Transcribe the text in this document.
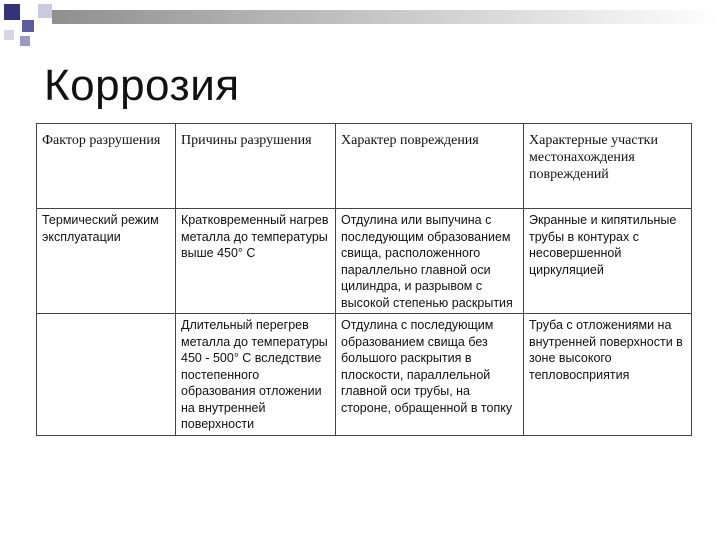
Коррозия
Фактор разрушения	Причины разрушения	Характер повреждения	Характерные участки местонахождения повреждений
Термический режим эксплуатации	Кратковременный нагрев металла до температуры выше 450° С	Отдулина или выпучина с последующим образованием свища, расположенного параллельно главной оси цилиндра, и разрывом с высокой степенью раскрытия	Экранные и кипятильные трубы в контурах с несовершенной циркуляцией
	Длительный перегрев металла до температуры 450 - 500° С вследствие постепенного образования отложении на внутренней поверхности	Отдулина с последующим образованием свища без большого раскрытия в плоскости, параллельной главной оси трубы, на стороне, обращенной в топку	Труба с отложениями на внутренней поверхности в зоне высокого тепловосприятия
